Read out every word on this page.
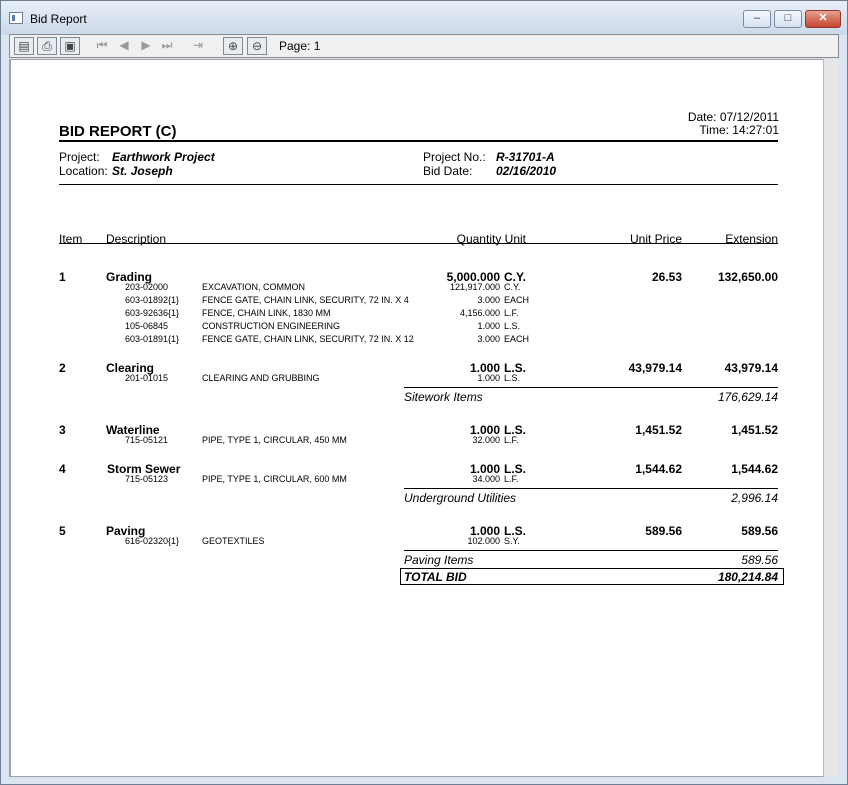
Bid Report	–	□	✕
▤	⎙	▣	⏮ ◀	▶ ⏭	⇥	⊕	⊖	Page: 1
Date: 07/12/2011
Time: 14:27:01
BID REPORT (C)
Project: Earthwork Project
Location: St. Joseph
Project No.: R-31701-A
Bid Date: 02/16/2010
Item Description	Quantity Unit	Unit Price	Extension
1	Grading	5,000.000 C.Y.	26.53	132,650.00
203-02000	EXCAVATION, COMMON	121,917.000 C.Y.
603-01892{1}	FENCE GATE, CHAIN LINK, SECURITY, 72 IN. X 4	3.000 EACH
603-92636{1}	FENCE, CHAIN LINK, 1830 MM	4,156.000 L.F.
105-06845	CONSTRUCTION ENGINEERING	1.000 L.S.
603-01891{1}	FENCE GATE, CHAIN LINK, SECURITY, 72 IN. X 12	3.000 EACH
2	Clearing	1.000 L.S.	43,979.14	43,979.14
201-01015	CLEARING AND GRUBBING	1.000 L.S.
Sitework Items	176,629.14
3	Waterline	1.000 L.S.	1,451.52	1,451.52
715-05121	PIPE, TYPE 1, CIRCULAR, 450 MM	32.000 L.F.
4	Storm Sewer	1.000 L.S.	1,544.62	1,544.62
715-05123	PIPE, TYPE 1, CIRCULAR, 600 MM	34.000 L.F.
Underground Utilities	2,996.14
5	Paving	1.000 L.S.	589.56	589.56
616-02320{1}	GEOTEXTILES	102.000 S.Y.
Paving Items	589.56
TOTAL BID	180,214.84
